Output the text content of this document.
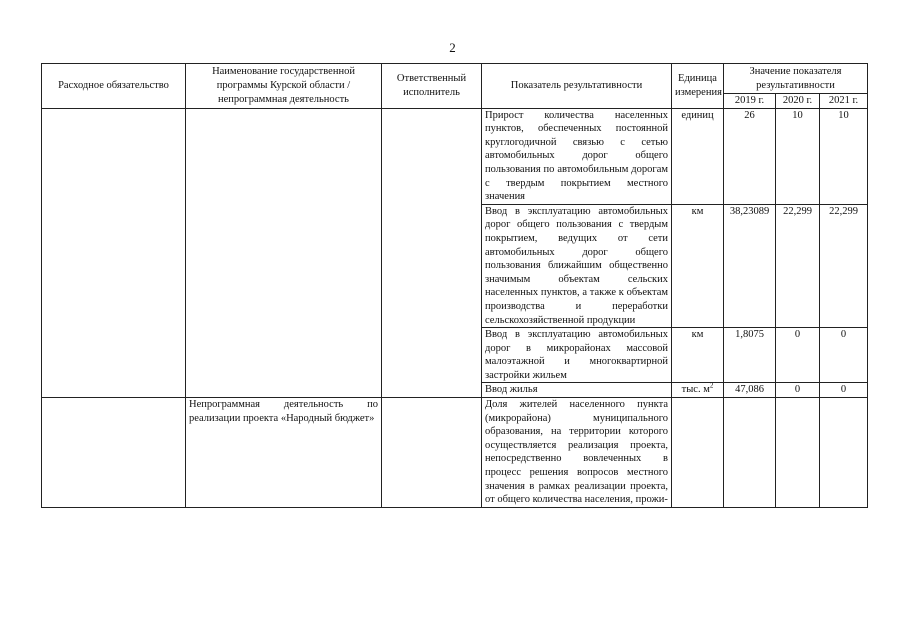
2
Расходное обязательство	Наименование государственной программы Курской области / непрограммная деятельность	Ответственный исполнитель	Показатель результативности	Единица измерения	Значение показателя результативности		
					2019 г.	2020 г.	2021 г.
			Прирост количества населенных пунктов, обеспеченных постоянной круглогодичной связью с сетью автомобильных дорог общего пользования по автомобильным дорогам с твердым покрытием местного значения	единиц	26	10	10
			Ввод в эксплуатацию автомобильных дорог общего пользования с твердым покрытием, ведущих от сети автомобильных дорог общего пользования ближайшим общественно значимым объектам сельских населенных пунктов, а также к объектам производства и переработки сельскохозяйственной продукции	км	38,23089	22,299	22,299
			Ввод в эксплуатацию автомобильных дорог в микрорайонах массовой малоэтажной и многоквартирной застройки жильем	км	1,8075	0	0
			Ввод жилья	тыс. $м^2$	47,086	0	0
	Непрограммная деятельность по реализации проекта «Народный бюджет»		Доля жителей населенного пункта (микрорайона) муниципального образования, на территории которого осуществляется реализация проекта, непосредственно вовлеченных в процесс решения вопросов местного значения в рамках реализации проекта, от общего количества населения, прожи-				
